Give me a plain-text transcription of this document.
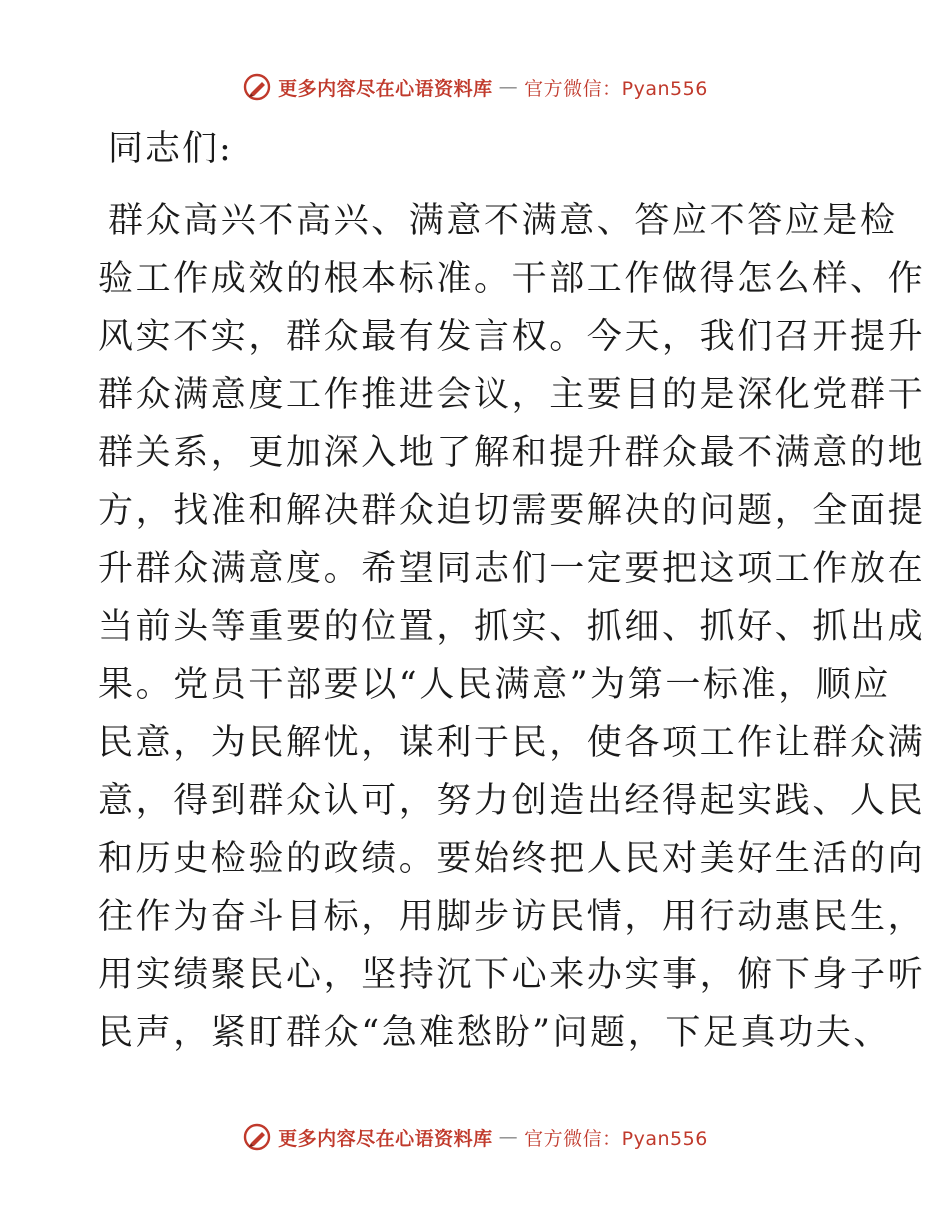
更多内容尽在心语资料库 — 官方微信：Pyan556
同志们:
群众高兴不高兴、满意不满意、答应不答应是检
验工作成效的根本标准。干部工作做得怎么样、作
风实不实，群众最有发言权。今天，我们召开提升
群众满意度工作推进会议，主要目的是深化党群干
群关系，更加深入地了解和提升群众最不满意的地
方，找准和解决群众迫切需要解决的问题，全面提
升群众满意度。希望同志们一定要把这项工作放在
当前头等重要的位置，抓实、抓细、抓好、抓出成
果。党员干部要以“人民满意”为第一标准，顺应
民意，为民解忧，谋利于民，使各项工作让群众满
意，得到群众认可，努力创造出经得起实践、人民
和历史检验的政绩。要始终把人民对美好生活的向
往作为奋斗目标，用脚步访民情，用行动惠民生，
用实绩聚民心，坚持沉下心来办实事，俯下身子听
民声，紧盯群众“急难愁盼”问题，下足真功夫、
更多内容尽在心语资料库 — 官方微信：Pyan556
